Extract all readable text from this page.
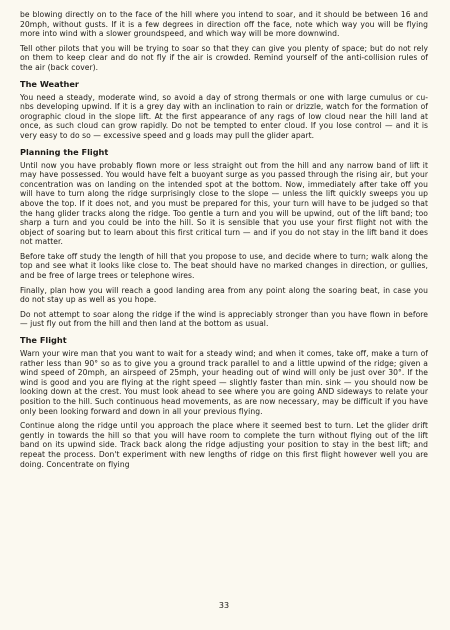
be blowing directly on to the face of the hill where you intend to soar, and it should be between 16 and 20mph, without gusts. If it is a few degrees in direction off the face, note which way you will be flying more into wind with a slower groundspeed, and which way will be more downwind.

Tell other pilots that you will be trying to soar so that they can give you plenty of space; but do not rely on them to keep clear and do not fly if the air is crowded. Remind yourself of the anti-collision rules of the air (back cover).

The Weather

You need a steady, moderate wind, so avoid a day of strong thermals or one with large cumulus or cu-nbs developing upwind. If it is a grey day with an inclination to rain or drizzle, watch for the formation of orographic cloud in the slope lift. At the first appearance of any rags of low cloud near the hill land at once, as such cloud can grow rapidly. Do not be tempted to enter cloud. If you lose control — and it is very easy to do so — excessive speed and g loads may pull the glider apart.

Planning the Flight

Until now you have probably flown more or less straight out from the hill and any narrow band of lift it may have possessed. You would have felt a buoyant surge as you passed through the rising air, but your concentration was on landing on the intended spot at the bottom. Now, immediately after take off you will have to turn along the ridge surprisingly close to the slope — unless the lift quickly sweeps you up above the top. If it does not, and you must be prepared for this, your turn will have to be judged so that the hang glider tracks along the ridge. Too gentle a turn and you will be upwind, out of the lift band; too sharp a turn and you could be into the hill. So it is sensible that you use your first flight not with the object of soaring but to learn about this first critical turn — and if you do not stay in the lift band it does not matter.

Before take off study the length of hill that you propose to use, and decide where to turn; walk along the top and see what it looks like close to. The beat should have no marked changes in direction, or gullies, and be free of large trees or telephone wires.

Finally, plan how you will reach a good landing area from any point along the soaring beat, in case you do not stay up as well as you hope.

Do not attempt to soar along the ridge if the wind is appreciably stronger than you have flown in before — just fly out from the hill and then land at the bottom as usual.

The Flight

Warn your wire man that you want to wait for a steady wind; and when it comes, take off, make a turn of rather less than 90° so as to give you a ground track parallel to and a little upwind of the ridge; given a wind speed of 20mph, an airspeed of 25mph, your heading out of wind will only be just over 30°. If the wind is good and you are flying at the right speed — slightly faster than min. sink — you should now be looking down at the crest. You must look ahead to see where you are going AND sideways to relate your position to the hill. Such continuous head movements, as are now necessary, may be difficult if you have only been looking forward and down in all your previous flying.

Continue along the ridge until you approach the place where it seemed best to turn. Let the glider drift gently in towards the hill so that you will have room to complete the turn without flying out of the lift band on its upwind side. Track back along the ridge adjusting your position to stay in the best lift; and repeat the process. Don't experiment with new lengths of ridge on this first flight however well you are doing. Concentrate on flying

33
